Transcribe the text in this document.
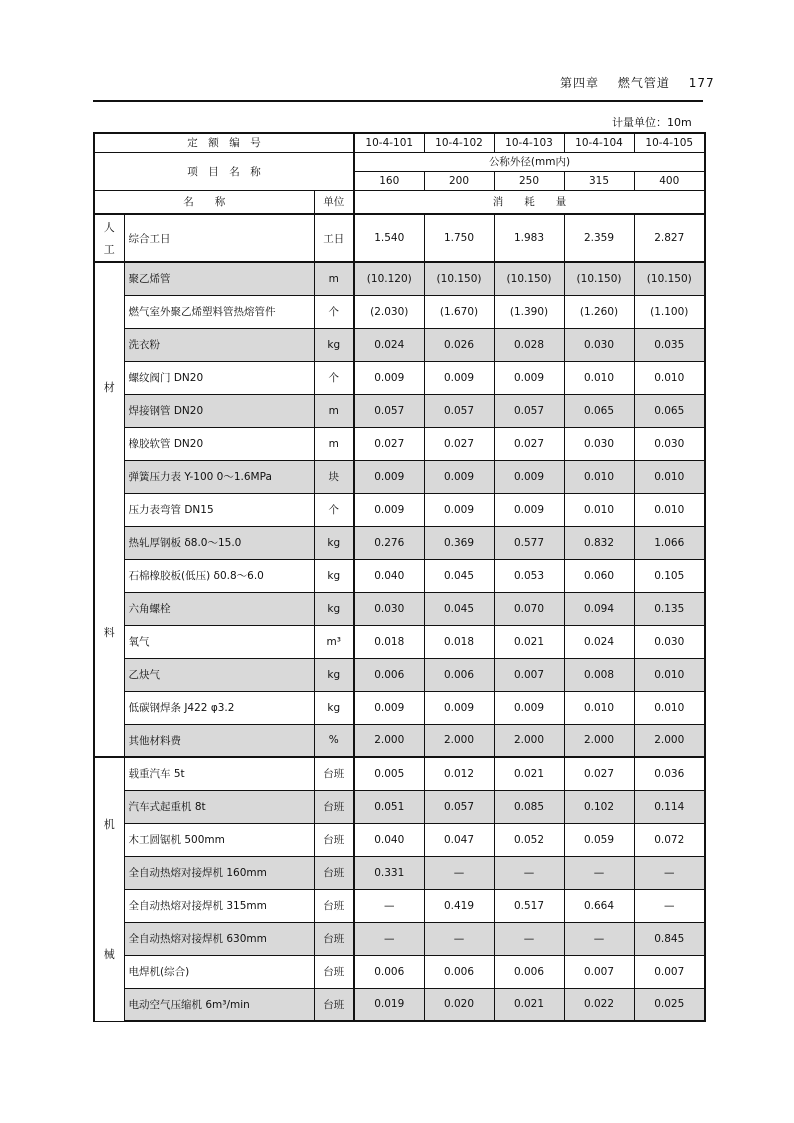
第四章 燃气管道 177
计量单位：10m
定　额　编　号			10-4-101	10-4-102	10-4-103	10-4-104	10-4-105
项　目　名　称			公称外径(mm内)				
			160	200	250	315	400
名　　称		单位	消　　耗　　量				

人
工	综合工日	工日	1.540	1.750	1.983	2.359	2.827

材
料	聚乙烯管	m	(10.120)	(10.150)	(10.150)	(10.150)	(10.150)
	燃气室外聚乙烯塑料管热熔管件	个	(2.030)	(1.670)	(1.390)	(1.260)	(1.100)
	洗衣粉	kg	0.024	0.026	0.028	0.030	0.035
	螺纹阀门 DN20	个	0.009	0.009	0.009	0.010	0.010
	焊接钢管 DN20	m	0.057	0.057	0.057	0.065	0.065
	橡胶软管 DN20	m	0.027	0.027	0.027	0.030	0.030
	弹簧压力表 Y-100 0～1.6MPa	块	0.009	0.009	0.009	0.010	0.010
	压力表弯管 DN15	个	0.009	0.009	0.009	0.010	0.010
	热轧厚钢板 δ8.0～15.0	kg	0.276	0.369	0.577	0.832	1.066
	石棉橡胶板(低压) δ0.8～6.0	kg	0.040	0.045	0.053	0.060	0.105
	六角螺栓	kg	0.030	0.045	0.070	0.094	0.135
	氧气	m³	0.018	0.018	0.021	0.024	0.030
	乙炔气	kg	0.006	0.006	0.007	0.008	0.010
	低碳钢焊条 J422 φ3.2	kg	0.009	0.009	0.009	0.010	0.010
	其他材料费	%	2.000	2.000	2.000	2.000	2.000

机
械	载重汽车 5t	台班	0.005	0.012	0.021	0.027	0.036
	汽车式起重机 8t	台班	0.051	0.057	0.085	0.102	0.114
	木工圆锯机 500mm	台班	0.040	0.047	0.052	0.059	0.072
	全自动热熔对接焊机 160mm	台班	0.331	—	—	—	—
	全自动热熔对接焊机 315mm	台班	—	0.419	0.517	0.664	—
	全自动热熔对接焊机 630mm	台班	—	—	—	—	0.845
	电焊机(综合)	台班	0.006	0.006	0.006	0.007	0.007
	电动空气压缩机 6m³/min	台班	0.019	0.020	0.021	0.022	0.025
